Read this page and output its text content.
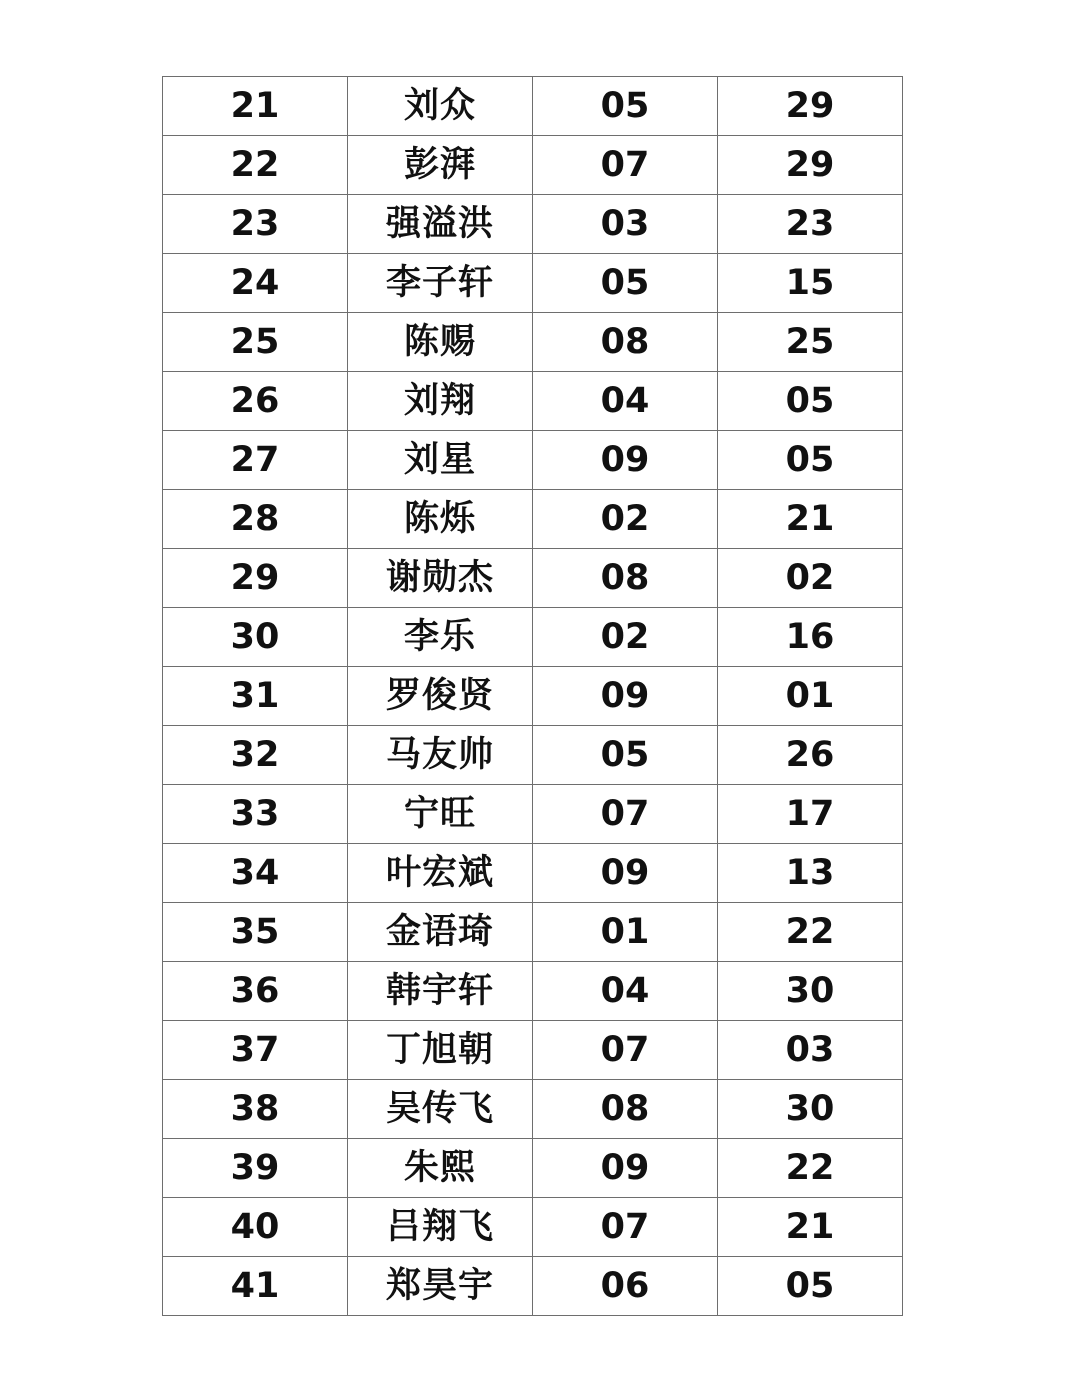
21	刘众	05	29
22	彭湃	07	29
23	强溢洪	03	23
24	李子轩	05	15
25	陈赐	08	25
26	刘翔	04	05
27	刘星	09	05
28	陈烁	02	21
29	谢勋杰	08	02
30	李乐	02	16
31	罗俊贤	09	01
32	马友帅	05	26
33	宁旺	07	17
34	叶宏斌	09	13
35	金语琦	01	22
36	韩宇轩	04	30
37	丁旭朝	07	03
38	吴传飞	08	30
39	朱熙	09	22
40	吕翔飞	07	21
41	郑昊宇	06	05
